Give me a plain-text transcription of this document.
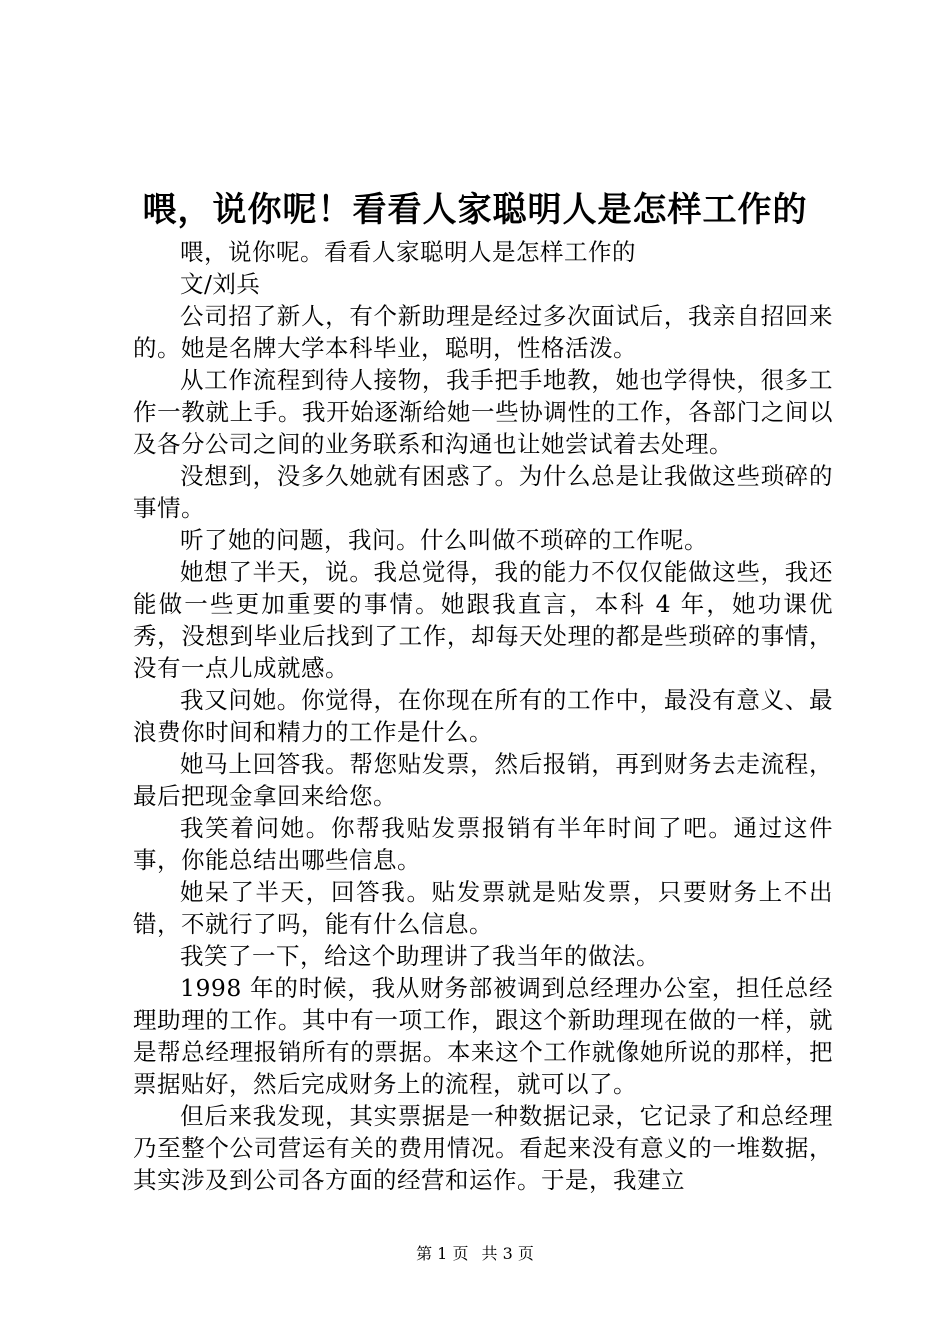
喂，说你呢！看看人家聪明人是怎样工作的

喂，说你呢。看看人家聪明人是怎样工作的

文/刘兵

公司招了新人，有个新助理是经过多次面试后，我亲自招回来的。她是名牌大学本科毕业，聪明，性格活泼。

从工作流程到待人接物，我手把手地教，她也学得快，很多工作一教就上手。我开始逐渐给她一些协调性的工作，各部门之间以及各分公司之间的业务联系和沟通也让她尝试着去处理。

没想到，没多久她就有困惑了。为什么总是让我做这些琐碎的事情。

听了她的问题，我问。什么叫做不琐碎的工作呢。

她想了半天，说。我总觉得，我的能力不仅仅能做这些，我还能做一些更加重要的事情。她跟我直言，本科 4 年，她功课优秀，没想到毕业后找到了工作，却每天处理的都是些琐碎的事情，没有一点儿成就感。

我又问她。你觉得，在你现在所有的工作中，最没有意义、最浪费你时间和精力的工作是什么。

她马上回答我。帮您贴发票，然后报销，再到财务去走流程，最后把现金拿回来给您。

我笑着问她。你帮我贴发票报销有半年时间了吧。通过这件事，你能总结出哪些信息。

她呆了半天，回答我。贴发票就是贴发票，只要财务上不出错，不就行了吗，能有什么信息。

我笑了一下，给这个助理讲了我当年的做法。

1998 年的时候，我从财务部被调到总经理办公室，担任总经理助理的工作。其中有一项工作，跟这个新助理现在做的一样，就是帮总经理报销所有的票据。本来这个工作就像她所说的那样，把票据贴好，然后完成财务上的流程，就可以了。

但后来我发现，其实票据是一种数据记录，它记录了和总经理乃至整个公司营运有关的费用情况。看起来没有意义的一堆数据，其实涉及到公司各方面的经营和运作。于是，我建立

第 1 页 共 3 页
